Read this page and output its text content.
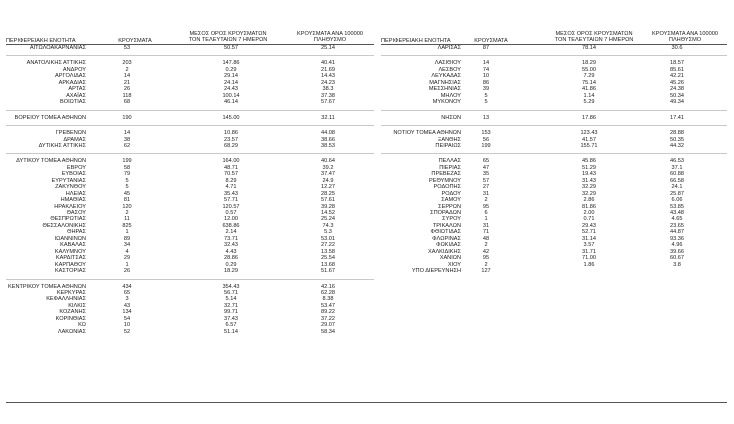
ΠΕΡΙΦΕΡΕΙΑΚΗ ΕΝΟΤΗΤΑ	ΚΡΟΥΣΜΑΤΑ
ΜΕΣΟΣ ΟΡΟΣ ΚΡΟΥΣΜΑΤΩΝ
ΤΟΝ ΤΕΛΕΥΤΑΙΩΝ 7 ΗΜΕΡΩΝ
ΚΡΟΥΣΜΑΤΑ ΑΝΑ 100000
ΠΛΗΘΥΣΜΟ	ΠΕΡΙΦΕΡΕΙΑΚΗ ΕΝΟΤΗΤΑ	ΚΡΟΥΣΜΑΤΑ
ΜΕΣΟΣ ΟΡΟΣ ΚΡΟΥΣΜΑΤΩΝ
ΤΟΝ ΤΕΛΕΥΤΑΙΩΝ 7 ΗΜΕΡΩΝ
ΚΡΟΥΣΜΑΤΑ ΑΝΑ 100000
ΠΛΗΘΥΣΜΟ
ΑΙΤΩΛΟΑΚΑΡΝΑΝΙΑΣ	53	50.57	25.14
ΑΝΑΤΟΛΙΚΗΣ ΑΤΤΙΚΗΣ	203	147.86	40.41
ΑΝΔΡΟΥ	2	0.29	21.69
ΑΡΓΟΛΙΔΑΣ	14	29.14	14.43
ΑΡΚΑΔΙΑΣ	21	24.14	24.23
ΑΡΤΑΣ	26	24.43	38.3
ΑΧΑΪΑΣ	118	100.14	37.38
ΒΟΙΩΤΙΑΣ	68	46.14	57.67
ΒΟΡΕΙΟΥ ΤΟΜΕΑ ΑΘΗΝΩΝ	190	145.00	32.11
ΓΡΕΒΕΝΩΝ	14	10.86	44.08
ΔΡΑΜΑΣ	38	23.57	38.66
ΔΥΤΙΚΗΣ ΑΤΤΙΚΗΣ	62	68.29	38.53
ΔΥΤΙΚΟΥ ΤΟΜΕΑ ΑΘΗΝΩΝ	199	164.00	40.64
ΕΒΡΟΥ	58	48.71	39.2
ΕΥΒΟΙΑΣ	79	70.57	37.47
ΕΥΡΥΤΑΝΙΑΣ	5	8.29	24.9
ΖΑΚΥΝΘΟΥ	5	4.71	12.27
ΗΛΕΙΑΣ	45	35.43	28.25
ΗΜΑΘΙΑΣ	81	57.71	57.61
ΗΡΑΚΛΕΙΟΥ	120	120.57	39.28
ΘΑΣΟΥ	2	0.57	14.52
ΘΕΣΠΡΩΤΙΑΣ	11	12.00	25.24
ΘΕΣΣΑΛΟΝΙΚΗΣ	825	638.86	74.3
ΘΗΡΑΣ	1	2.14	5.3
ΙΩΑΝΝΙΝΩΝ	89	73.71	53.01
ΚΑΒΑΛΑΣ	34	32.43	27.22
ΚΑΛΥΜΝΟΥ	4	4.43	13.58
ΚΑΡΔΙΤΣΑΣ	29	28.86	25.54
ΚΑΡΠΑΘΟΥ	1	0.29	13.68
ΚΑΣΤΟΡΙΑΣ	26	18.29	51.67
ΚΕΝΤΡΙΚΟΥ ΤΟΜΕΑ ΑΘΗΝΩΝ	434	354.43	42.16
ΚΕΡΚΥΡΑΣ	65	56.71	62.28
ΚΕΦΑΛΛΗΝΙΑΣ	3	5.14	8.38
ΚΙΛΚΙΣ	43	32.71	53.47
ΚΟΖΑΝΗΣ	134	99.71	89.22
ΚΟΡΙΝΘΙΑΣ	54	37.43	37.22
ΚΩ	10	6.57	29.07
ΛΑΚΩΝΙΑΣ	52	51.14	58.34
ΛΑΡΙΣΑΣ	87	78.14	30.6
ΛΑΣΙΘΙΟΥ	14	18.29	18.57
ΛΕΣΒΟΥ	74	55.00	85.61
ΛΕΥΚΑΔΑΣ	10	7.29	42.21
ΜΑΓΝΗΣΙΑΣ	86	75.14	45.26
ΜΕΣΣΗΝΙΑΣ	39	41.86	24.38
ΜΗΛΟΥ	5	1.14	50.34
ΜΥΚΟΝΟΥ	5	5.29	49.34
ΝΗΣΩΝ	13	17.86	17.41
ΝΟΤΙΟΥ ΤΟΜΕΑ ΑΘΗΝΩΝ	153	123.43	28.88
ΞΑΝΘΗΣ	56	41.57	50.35
ΠΕΙΡΑΙΩΣ	199	155.71	44.32
ΠΕΛΛΑΣ	65	45.86	46.53
ΠΙΕΡΙΑΣ	47	51.29	37.1
ΠΡΕΒΕΖΑΣ	35	19.43	60.88
ΡΕΘΥΜΝΟΥ	57	31.43	66.58
ΡΟΔΟΠΗΣ	27	32.29	24.1
ΡΟΔΟΥ	31	32.29	25.87
ΣΑΜΟΥ	2	2.86	6.06
ΣΕΡΡΩΝ	95	81.86	53.85
ΣΠΟΡΑΔΩΝ	6	2.00	43.48
ΣΥΡΟΥ	1	0.71	4.65
ΤΡΙΚΑΛΩΝ	31	29.43	23.65
ΦΘΙΩΤΙΔΑΣ	71	52.71	44.87
ΦΛΩΡΙΝΑΣ	48	31.14	93.36
ΦΩΚΙΔΑΣ	2	3.57	4.96
ΧΑΛΚΙΔΙΚΗΣ	42	31.71	39.66
ΧΑΝΙΩΝ	95	71.00	60.67
ΧΙΟΥ	2	1.86	3.8
ΥΠΟ ΔΙΕΡΕΥΝΗΣΗ	127
